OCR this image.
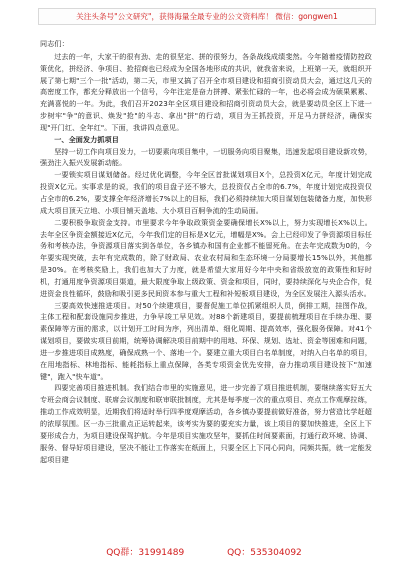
关注头条号"公文研究"，获得海量全最专业的公文资料库！ 微信：gongwen1

同志们：

过去的一年，大家干的很有劲、走的很坚定、拼的很努力，各条战线成绩斐然。今年随着疫情防控政策优化，拼经济、争项目、抢招商也已经成为全国各地形成的共识，就我省来说，上班第一天，就组织开展了第七期"三个一批"活动，第二天，市里又搞了召开全市项目建设和招商引资动员大会，通过这几天的高密度工作，都充分释放出一个信号，今年注定是奋力拼搏、紧张忙碌的一年，也必将会成为硕果累累、充满喜悦的一年。为此，我们召开2023年全区项目建设和招商引资动员大会，就是要动员全区上下进一步树牢"争"的意识、焕发"抢"的斗志、拿出"拼"的行动，项目为王抓投资，开足马力拼经济，确保实现"开门红、全年红"。下面，我讲四点意见。

一、全面发力抓项目

坚持一切工作向项目发力，一切要素向项目集中，一切服务向项目聚集，迅速发起项目建设新攻势，强劲注入振兴发展新动能。

一要锁实项目谋划储备。经过优化调整，今年全区首批谋划项目X个，总投资X亿元，年度计划完成投资X亿元。实事求是的说，我们的项目盘子还不够大，总投资仅占全市的6.7%，年度计划完成投资仅占全市的6.2%，要支撑全年经济增长7%以上的目标，我们必须持续加大项目谋划包装储备力度，加快形成大项目顶天立地、小项目铺天盖地、大小项目百舸争流的生动局面。

二要积极争取资金支持。市里要求今年争取政策资金要确保增长X%以上，努力实现增长X%以上。去年全区争资金额接近X亿元，今年我们定的目标是X亿元，增幅是X%。会上已经印发了争资源项目标任务和考核办法，争资源项目落实到各单位，各乡镇办和国有企业都不能留死角。在去年完成数为0的，今年要实现突破，去年有完成数的，除了财政局、农业农村局和生态环境一分局要增长15%以外，其他都是30%。在考核奖励上，我们也加大了力度，就是希望大家用好今年中央和省级放宽的政策性和好时机，打通用度争资源项目渠道，最大限度争取上级政策、资金和项目，同时，要持续深化与央企合作，促进资金良性循环，鼓励和吸引更多民间资本参与重大工程和补短板项目建设，为全区发展注入源头活水。

三要高效快速推进项目。对50个续建项目，要督促施工单位抓紧组织人员，倒排工期，挂图作战，主体工程和配套设施同步推进，力争早竣工早见效。对88个新建项目，要提前梳理项目在手续办理、要素保障等方面的需求，以计划开工时间为序，列出清单、细化周期、提高效率，强化服务保障。对41个谋划项目，要做实项目前期，统筹协调解决项目前期中的用地、环保、规划、选址、资金等困难和问题，进一步推进项目成熟度，确保成熟一个、落地一个。要建立重大项目白名单制度，对纳入白名单的项目，在用地指标、林地指标、能耗指标上重点保障，各类专项资金优先安排，奋力推动项目建设按下"加速键"，跑入"快车道"。

四要完善项目推进机制。我们结合市里的实施意见，进一步完善了项目推进机制，要继续落实好五大专班会商会议制度、联席会议制度和联审联批制度，尤其是每季度一次的重点项目、亮点工作观摩拉练，推动工作成效明显，近期我们将适时举行四季度观摩活动，各乡镇办要提前做好准备，努力营造比学赶超的浓厚氛围。区一办三批重点正运转起来，该考实为要的要充实力量，该上项目的要加快推进，全区上下要形成合力，为项目建设保驾护航。今年是项目实施攻坚年，要抓住时间要素面，打通行政环境、协调、服务、督导好项目建设，坚决不能让工作落实在纸面上，只要全区上下同心同向，同频共振，就一定能发起项目建

QQ群：31991489	QQ：535304092
